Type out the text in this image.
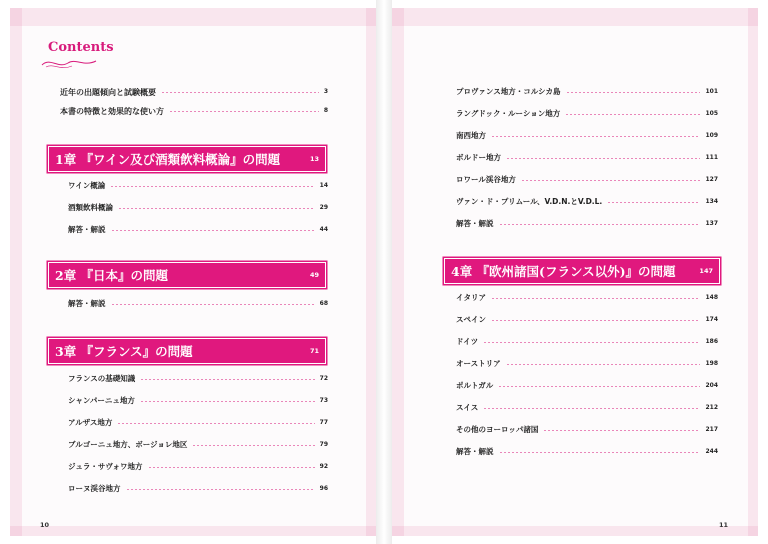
Contents
近年の出題傾向と試験概要	3
本書の特徴と効果的な使い方	8
1章 『ワイン及び酒類飲料概論』の問題	13
ワイン概論	14
酒類飲料概論	29
解答・解説	44
2章 『日本』の問題	49
解答・解説	68
3章 『フランス』の問題	71
フランスの基礎知識	72
シャンパーニュ地方	73
アルザス地方	77
ブルゴーニュ地方、ボージョレ地区	79
ジュラ・サヴォワ地方	92
ローヌ渓谷地方	96
プロヴァンス地方・コルシカ島	101
ラングドック・ルーション地方	105
南西地方	109
ボルドー地方	111
ロワール渓谷地方	127
ヴァン・ド・プリムール、V.D.N.とV.D.L.	134
解答・解説	137
4章 『欧州諸国(フランス以外)』の問題	147
イタリア	148
スペイン	174
ドイツ	186
オーストリア	198
ポルトガル	204
スイス	212
その他のヨーロッパ諸国	217
解答・解説	244
10	11
